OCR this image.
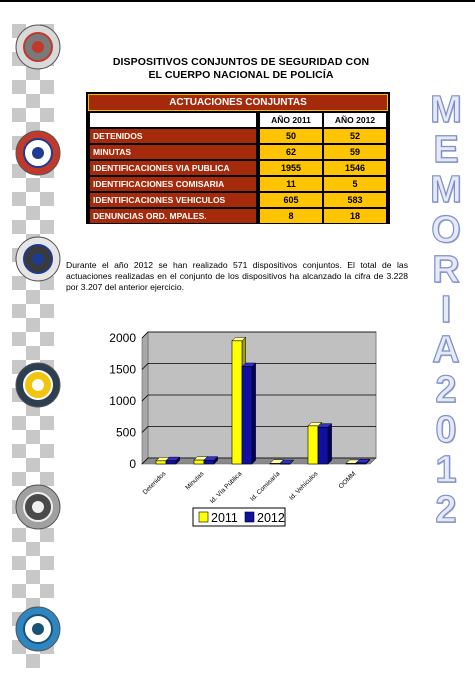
DISPOSITIVOS CONJUNTOS DE SEGURIDAD CON
EL CUERPO NACIONAL DE POLICÍA
ACTUACIONES CONJUNTAS
AÑO 2011	AÑO 2012
DETENIDOS	50	52
MINUTAS	62	59
IDENTIFICACIONES VIA PUBLICA	1955	1546
IDENTIFICACIONES COMISARIA	11	5
IDENTIFICACIONES VEHICULOS	605	583
DENUNCIAS ORD. MPALES.	8	18

Durante el año 2012 se han realizado 571 dispositivos conjuntos. El total de las actuaciones realizadas en el conjunto de los dispositivos ha alcanzado la cifra de 3.228 por 3.207 del anterior ejercicio.

0
500
1000
1500
2000
Detenidos	Minutas Id. Vía Pública Id. Comisaría Id. Vehículos	OOMM
2011 2012
M
E
M
O
R
I
A
2
0
1
2
